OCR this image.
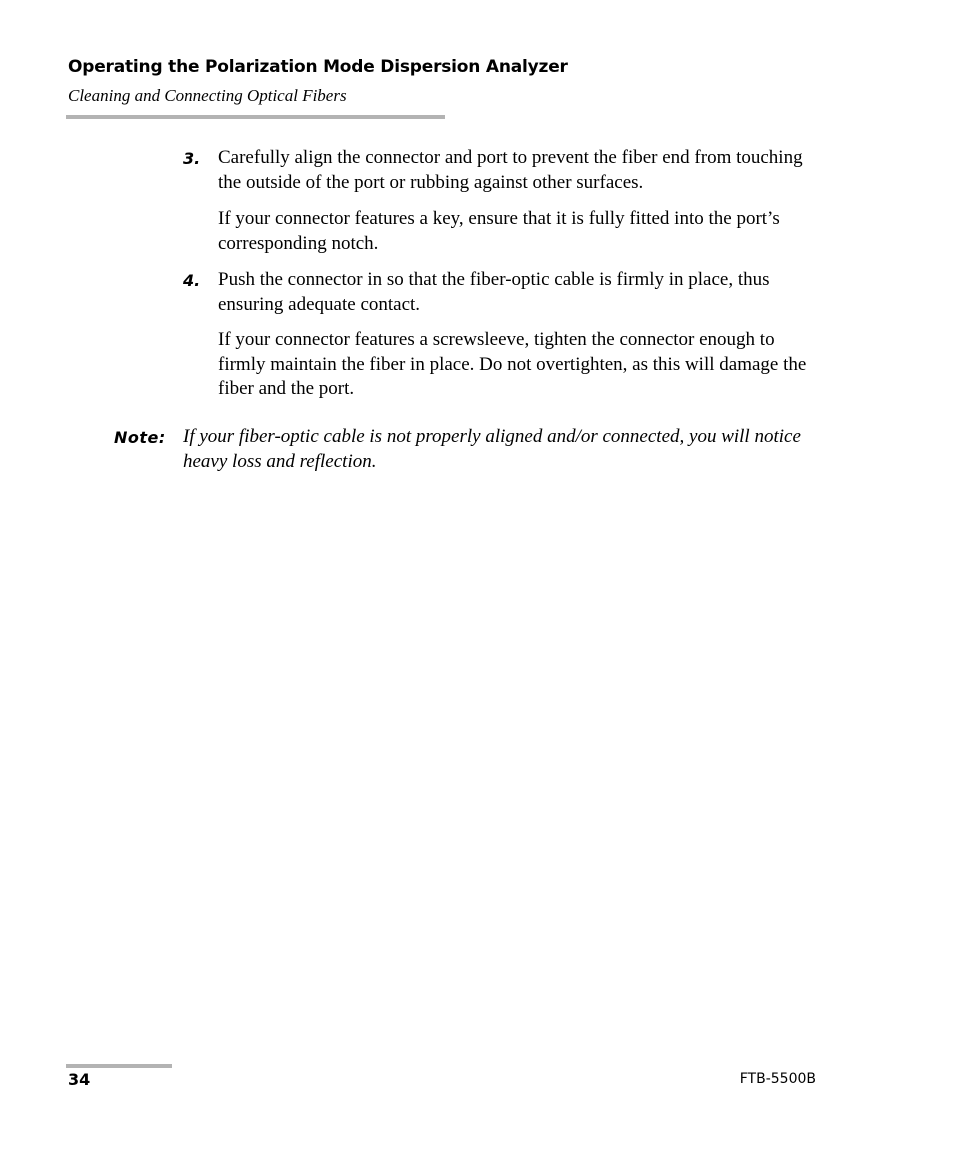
Operating the Polarization Mode Dispersion Analyzer
Cleaning and Connecting Optical Fibers
3. Carefully align the connector and port to prevent the fiber end from touching the outside of the port or rubbing against other surfaces.
If your connector features a key, ensure that it is fully fitted into the port’s corresponding notch.
4. Push the connector in so that the fiber-optic cable is firmly in place, thus ensuring adequate contact.
If your connector features a screwsleeve, tighten the connector enough to firmly maintain the fiber in place. Do not overtighten, as this will damage the fiber and the port.
Note: If your fiber-optic cable is not properly aligned and/or connected, you will notice heavy loss and reflection.
34	FTB-5500B
